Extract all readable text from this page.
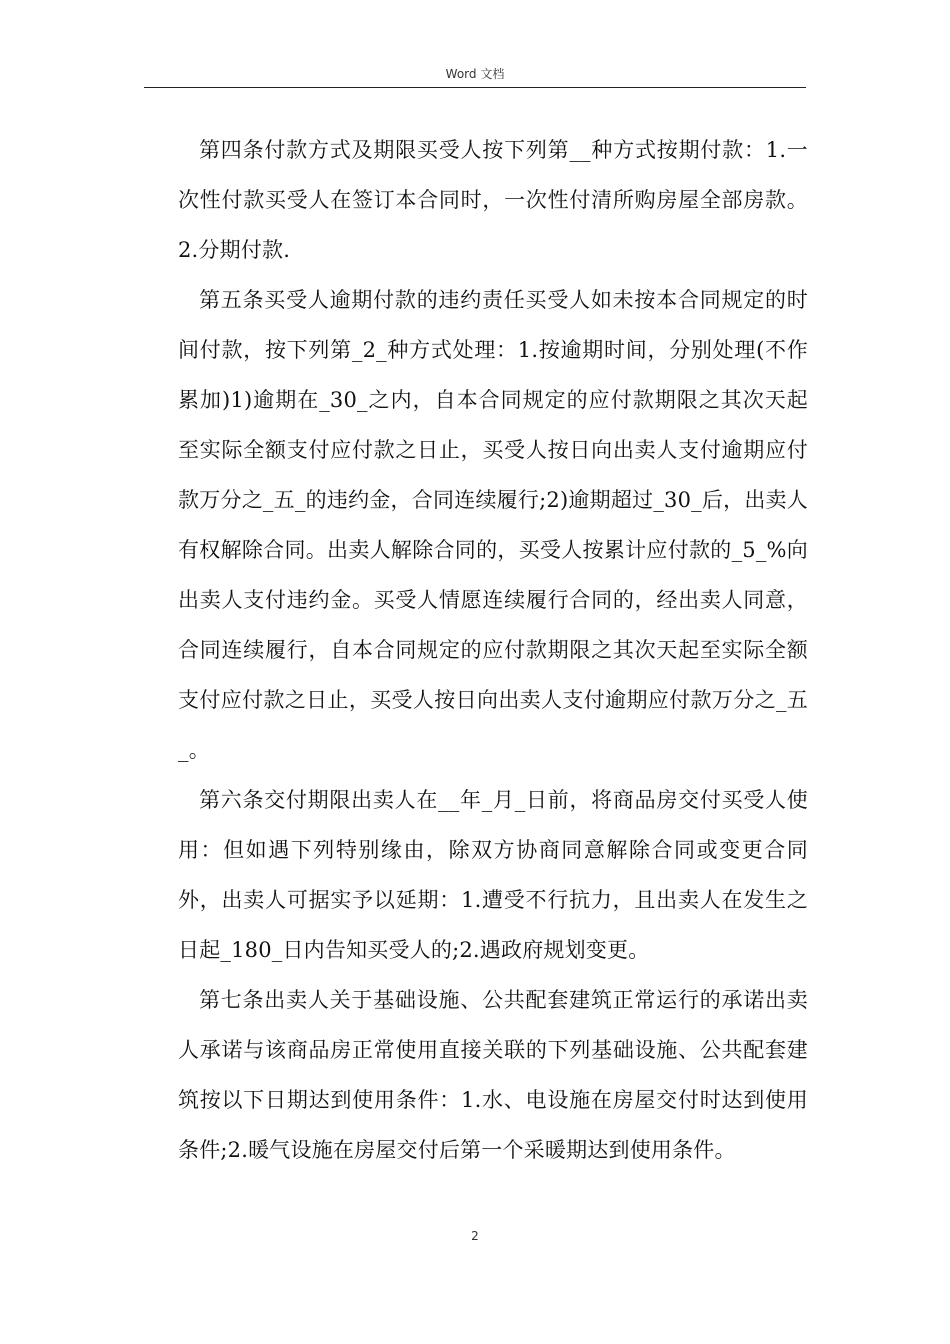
Word 文档

第四条付款方式及期限买受人按下列第__种方式按期付款：1.一次性付款买受人在签订本合同时，一次性付清所购房屋全部房款。2.分期付款.

第五条买受人逾期付款的违约责任买受人如未按本合同规定的时间付款，按下列第_2_种方式处理：1.按逾期时间，分别处理(不作累加)1)逾期在_30_之内，自本合同规定的应付款期限之其次天起至实际全额支付应付款之日止，买受人按日向出卖人支付逾期应付款万分之_五_的违约金，合同连续履行;2)逾期超过_30_后，出卖人有权解除合同。出卖人解除合同的，买受人按累计应付款的_5_%向出卖人支付违约金。买受人情愿连续履行合同的，经出卖人同意，合同连续履行，自本合同规定的应付款期限之其次天起至实际全额支付应付款之日止，买受人按日向出卖人支付逾期应付款万分之_五_。

第六条交付期限出卖人在__年_月_日前，将商品房交付买受人使用：但如遇下列特别缘由，除双方协商同意解除合同或变更合同外，出卖人可据实予以延期：1.遭受不行抗力，且出卖人在发生之日起_180_日内告知买受人的;2.遇政府规划变更。

第七条出卖人关于基础设施、公共配套建筑正常运行的承诺出卖人承诺与该商品房正常使用直接关联的下列基础设施、公共配套建筑按以下日期达到使用条件：1.水、电设施在房屋交付时达到使用条件;2.暖气设施在房屋交付后第一个采暖期达到使用条件。

2
